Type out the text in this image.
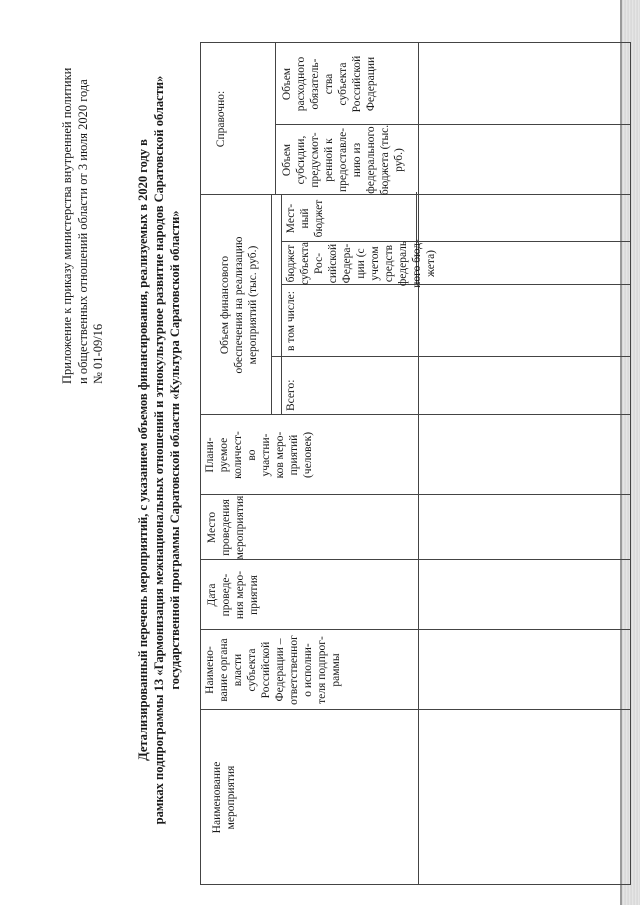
Приложение к приказу министерства внутренней политики и общественных отношений области от 3 июля 2020 года № 01-09/16 Детализированный перечень мероприятий, с указанием объемов финансирования, реализуемых в 2020 году в рамках подпрограммы 13 «Гармонизация межнациональных отношений и этнокультурное развитие народов Саратовской области» государственной программы Саратовской области «Культура Саратовской области»
Наименование мероприятия
Наимено- вание органа власти субъекта Российской Федерации – ответственног о исполни- теля подпрог- раммы
Дата проведе- ния меро- приятия
Место проведения мероприятия
Плани- руемое количест- во участни- ков меро- приятий (человек)
Объем финансового обеспечения на реализацию мероприятий (тыс. руб.)
Всего:
в том числе:
бюджет субъекта Рос- сийской Федера- ции (с учетом средств федераль ного бюд- жета)
Мест- ный бюджет
Справочно:
Объем субсидии, предусмот- ренной к предоставле- нию из федерального бюджета (тыс. руб.)
Объем расходного обязатель- ства субъекта Российской Федерации
